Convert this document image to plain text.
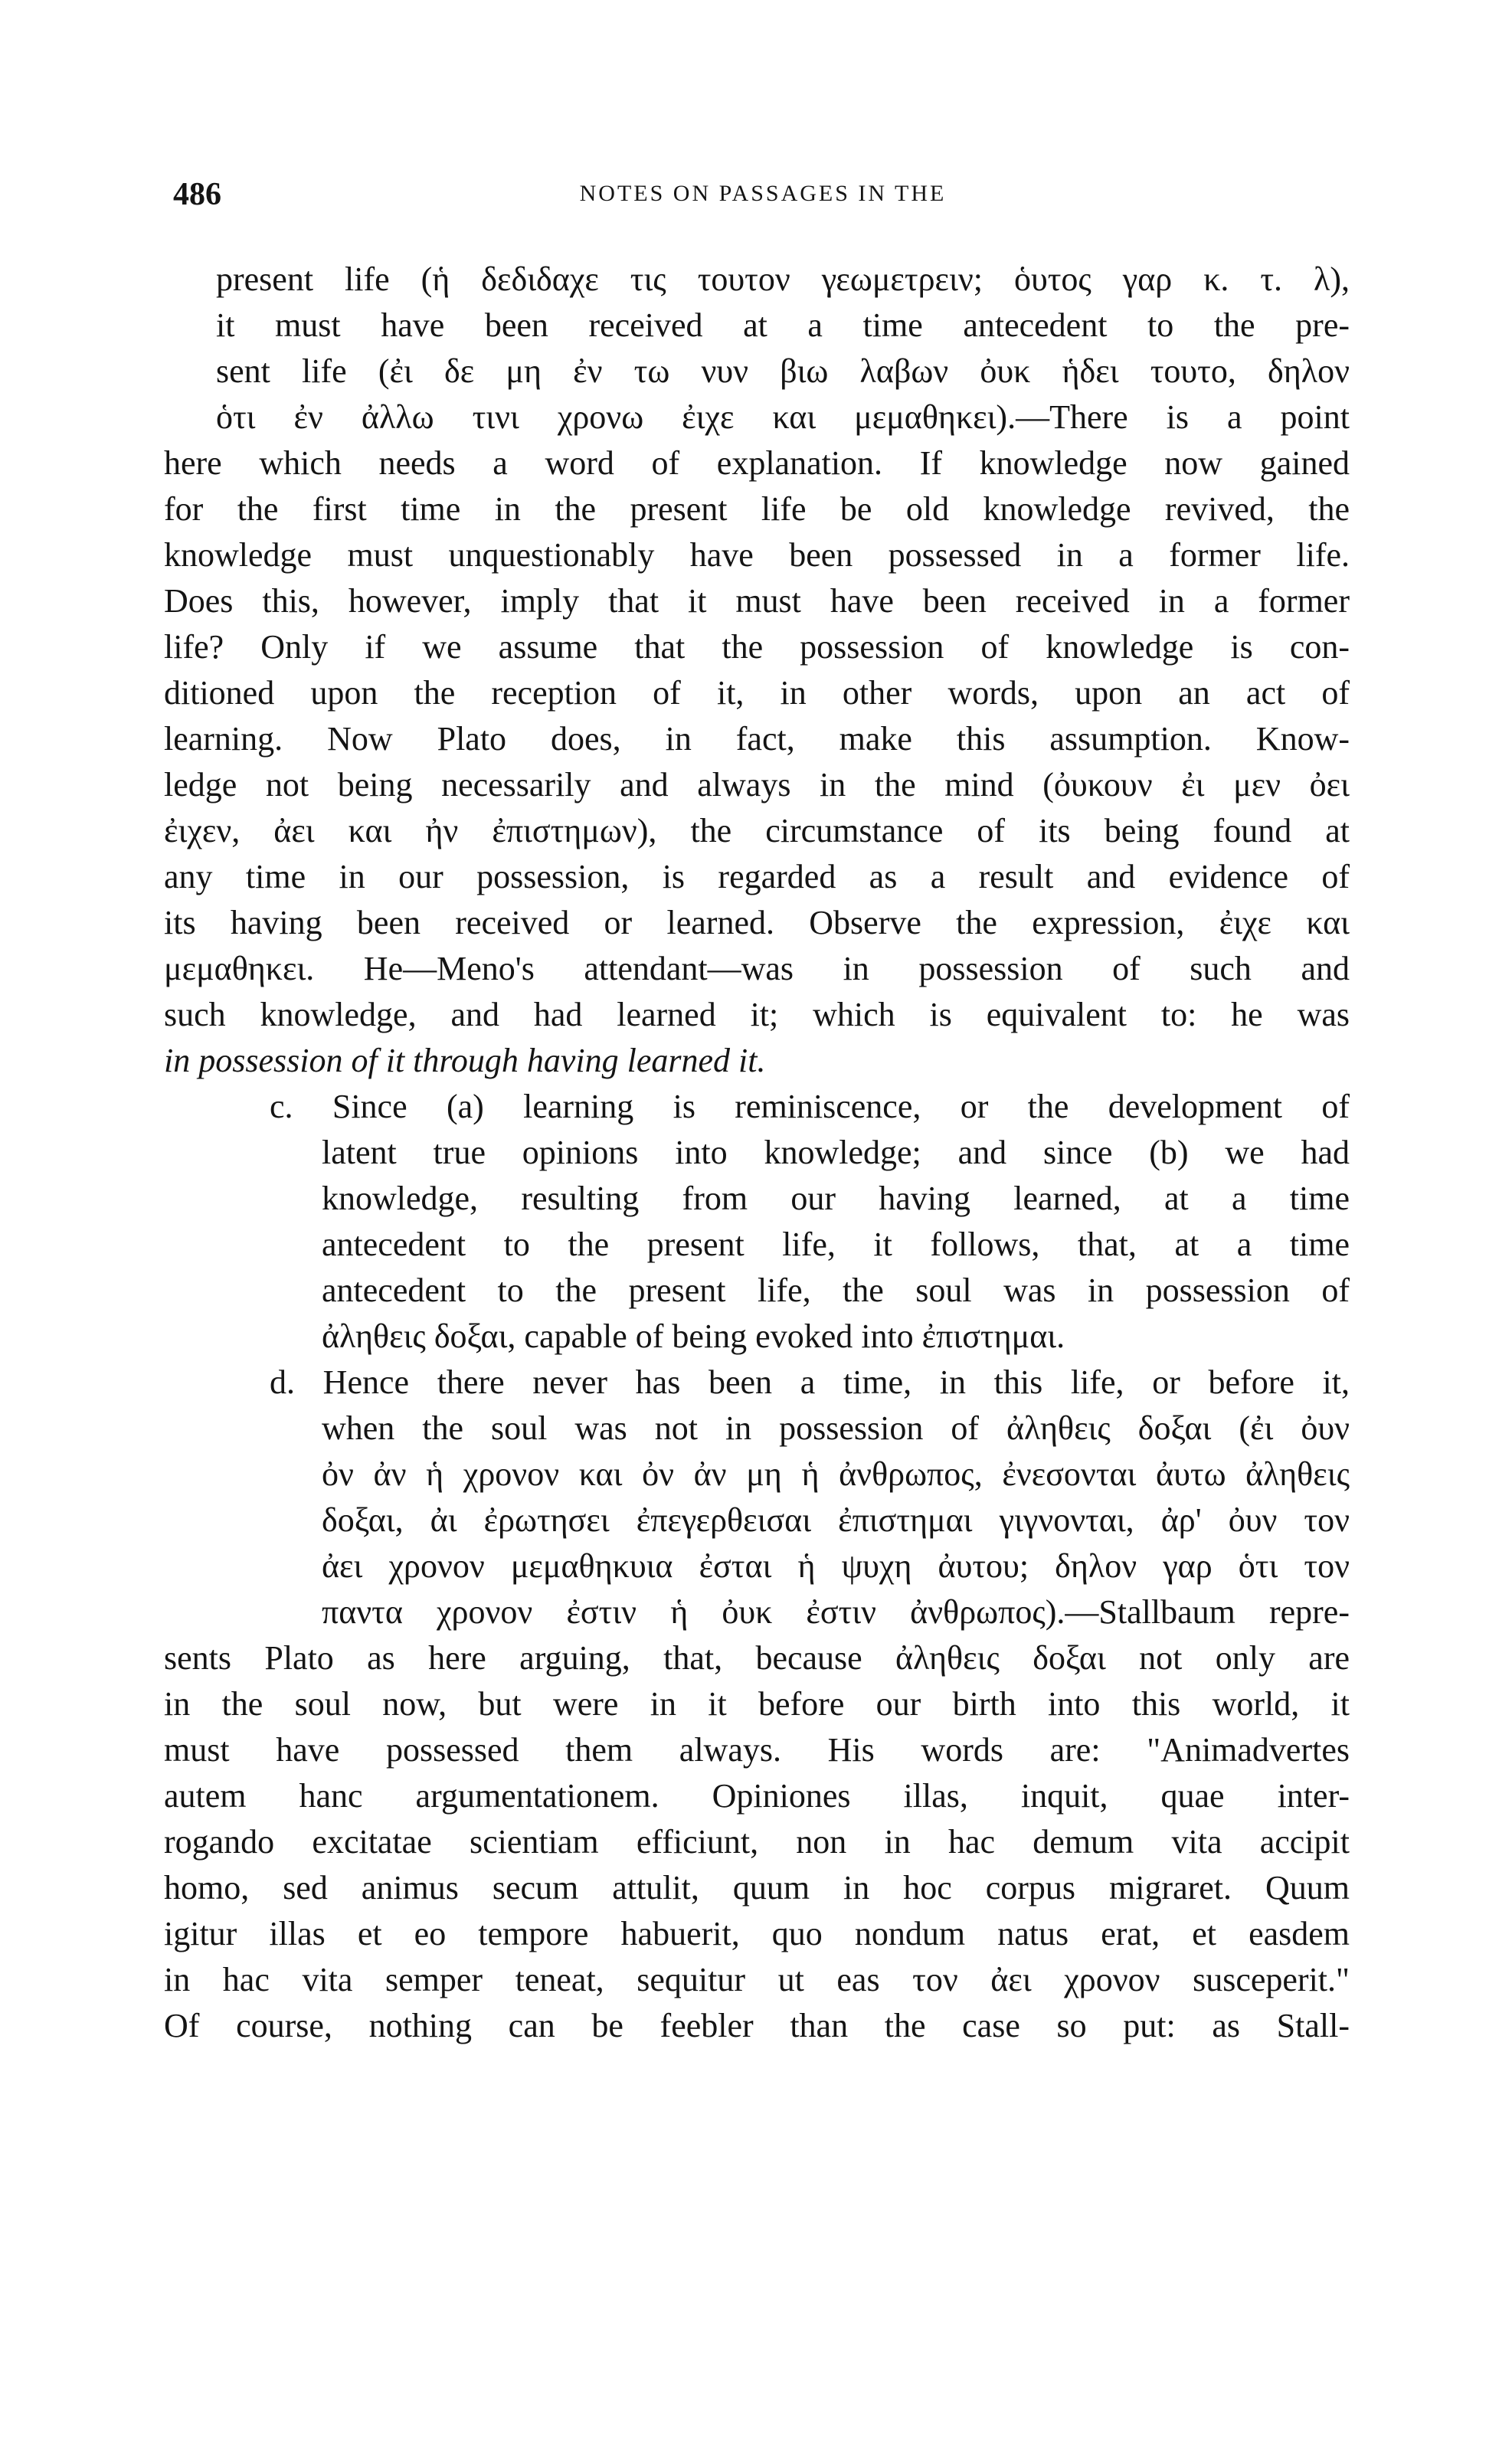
486	NOTES ON PASSAGES IN THE
present life (ἡ δεδιδαχε τις τουτον γεωμετρειν; ὁυτος γαρ κ. τ. λ),
it must have been received at a time antecedent to the pre-
sent life (ἐι δε μη ἐν τω νυν βιω λαβων ὀυκ ἡδει τουτο, δηλον
ὁτι ἐν ἀλλω τινι χρονω ἐιχε και μεμαθηκει).—There is a point
here which needs a word of explanation. If knowledge now gained
for the first time in the present life be old knowledge revived, the
knowledge must unquestionably have been possessed in a former life.
Does this, however, imply that it must have been received in a former
life? Only if we assume that the possession of knowledge is con-
ditioned upon the reception of it, in other words, upon an act of
learning. Now Plato does, in fact, make this assumption. Know-
ledge not being necessarily and always in the mind (ὀυκουν ἐι μεν ὀει
ἐιχεν, ἀει και ἠν ἐπιστημων), the circumstance of its being found at
any time in our possession, is regarded as a result and evidence of
its having been received or learned. Observe the expression, ἐιχε και
μεμαθηκει. He—Meno's attendant—was in possession of such and
such knowledge, and had learned it; which is equivalent to: he was
in possession of it through having learned it.
c. Since (a) learning is reminiscence, or the development of
latent true opinions into knowledge; and since (b) we had
knowledge, resulting from our having learned, at a time
antecedent to the present life, it follows, that, at a time
antecedent to the present life, the soul was in possession of
ἀληθεις δοξαι, capable of being evoked into ἐπιστημαι.
d. Hence there never has been a time, in this life, or before it,
when the soul was not in possession of ἀληθεις δοξαι (ἐι ὀυν
ὀν ἀν ἡ χρονον και ὀν ἀν μη ἡ ἀνθρωπος, ἐνεσονται ἀυτω ἀληθεις
δοξαι, ἀι ἐρωτησει ἐπεγερθεισαι ἐπιστημαι γιγνονται, ἀρ' ὀυν τον
ἀει χρονον μεμαθηκυια ἐσται ἡ ψυχη ἀυτου; δηλον γαρ ὁτι τον
παντα χρονον ἐστιν ἡ ὀυκ ἐστιν ἀνθρωπος).—Stallbaum repre-
sents Plato as here arguing, that, because ἀληθεις δοξαι not only are
in the soul now, but were in it before our birth into this world, it
must have possessed them always. His words are: "Animadvertes
autem hanc argumentationem. Opiniones illas, inquit, quae inter-
rogando excitatae scientiam efficiunt, non in hac demum vita accipit
homo, sed animus secum attulit, quum in hoc corpus migraret. Quum
igitur illas et eo tempore habuerit, quo nondum natus erat, et easdem
in hac vita semper teneat, sequitur ut eas τον ἀει χρονον susceperit."
Of course, nothing can be feebler than the case so put: as Stall-
